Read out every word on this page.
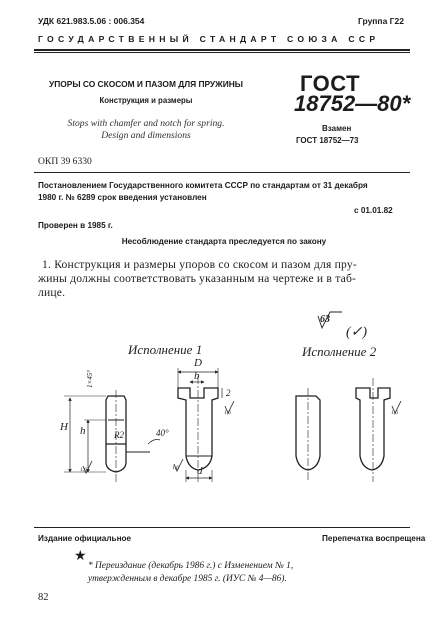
УДК 621.983.5.06 : 006.354	Группа Г22
ГОСУДАРСТВЕННЫЙ СТАНДАРТ СОЮЗА ССР
УПОРЫ СО СКОСОМ И ПАЗОМ ДЛЯ ПРУЖИНЫ
Конструкция и размеры
Stops with chamfer and notch for spring.
Design and dimensions
ГОСТ
18752—80*
Взамен
ГОСТ 18752—73
ОКП 39 6330
Постановлением Государственного комитета СССР по стандартам от 31 декабря
1980 г. № 6289 срок введения установлен
с 01.01.82
Проверен в 1985 г.
Несоблюдение стандарта преследуется по закону
1. Конструкция и размеры упоров со скосом и пазом для пру-
жины должны соответствовать указанным на чертеже и в таб-
лице.
Исполнение 1	Исполнение 2
63
(✓)
D
b
H h
d
2
R2	40°
1×45°
1,6
1,6
1,6
1,6
Издание официальное	Перепечатка воспрещена
★
* Переиздание (декабрь 1986 г.) с Изменением № 1,
утвержденным в декабре 1985 г. (ИУС № 4—86).
82
